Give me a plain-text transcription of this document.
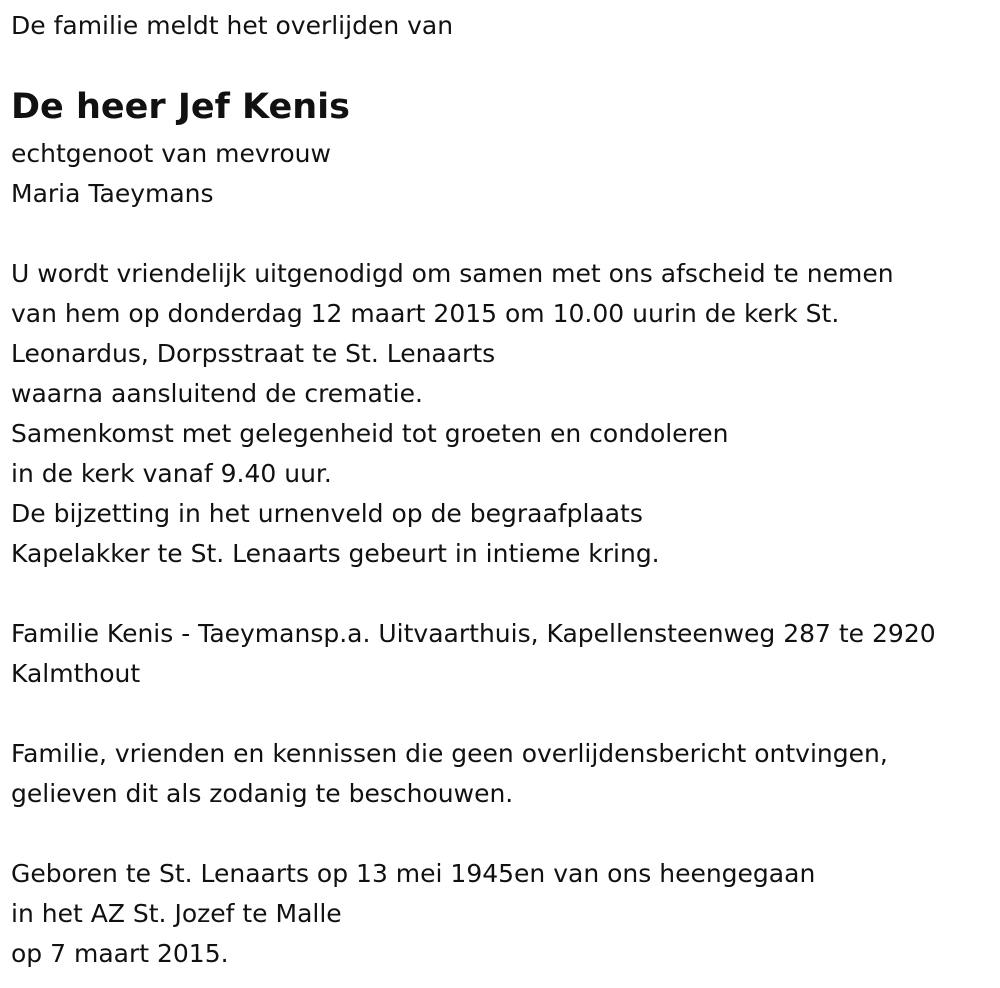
De familie meldt het overlijden van
De heer Jef Kenis
echtgenoot van mevrouw
Maria Taeymans
U wordt vriendelijk uitgenodigd om samen met ons afscheid te nemen
van hem op donderdag 12 maart 2015 om 10.00 uurin de kerk St.
Leonardus, Dorpsstraat te St. Lenaarts
waarna aansluitend de crematie.
Samenkomst met gelegenheid tot groeten en condoleren
in de kerk vanaf 9.40 uur.
De bijzetting in het urnenveld op de begraafplaats
Kapelakker te St. Lenaarts gebeurt in intieme kring.
Familie Kenis - Taeymansp.a. Uitvaarthuis, Kapellensteenweg 287 te 2920
Kalmthout
Familie, vrienden en kennissen die geen overlijdensbericht ontvingen,
gelieven dit als zodanig te beschouwen.
Geboren te St. Lenaarts op 13 mei 1945en van ons heengegaan
in het AZ St. Jozef te Malle
op 7 maart 2015.
